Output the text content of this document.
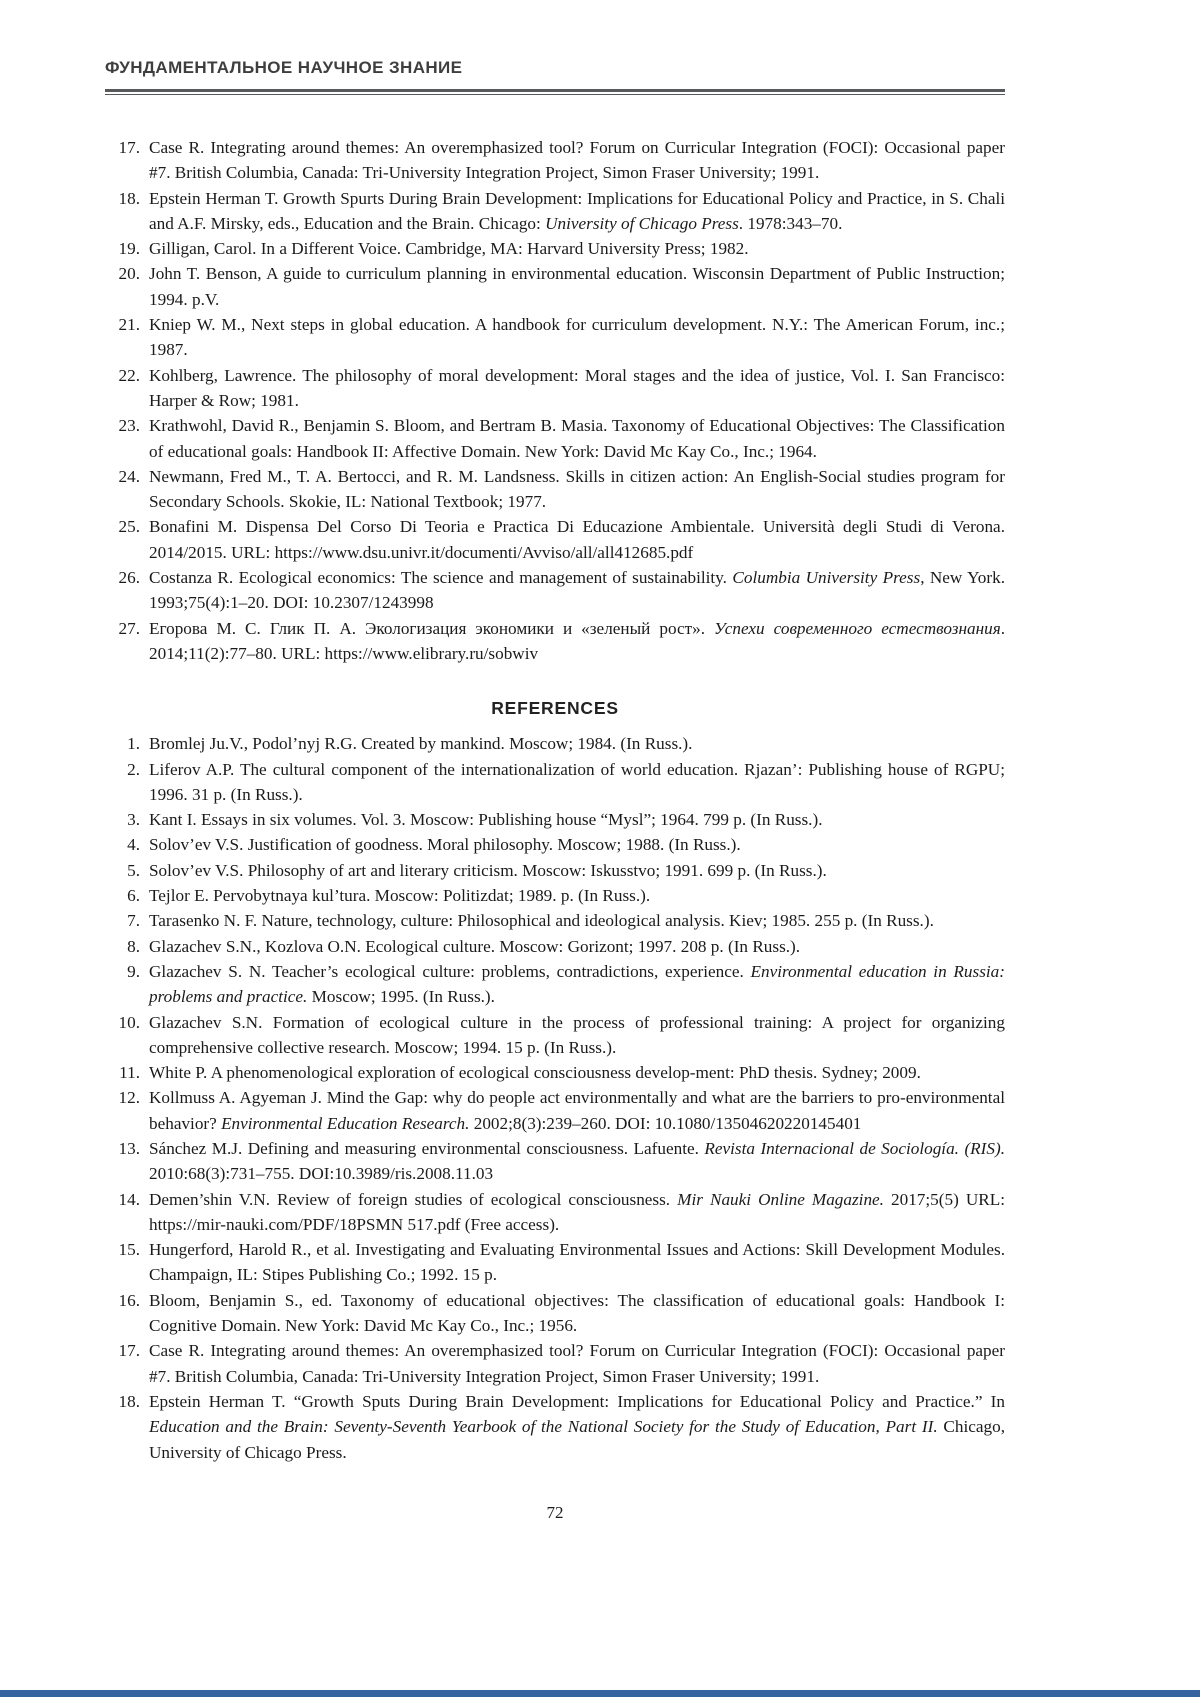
ФУНДАМЕНТАЛЬНОЕ НАУЧНОЕ ЗНАНИЕ
17. Case R. Integrating around themes: An overemphasized tool? Forum on Curricular Integration (FOCI): Occasional paper #7. British Columbia, Canada: Tri-University Integration Project, Simon Fraser University; 1991.
18. Epstein Herman T. Growth Spurts During Brain Development: Implications for Educational Policy and Practice, in S. Chali and A.F. Mirsky, eds., Education and the Brain. Chicago: University of Chicago Press. 1978:343–70.
19. Gilligan, Carol. In a Different Voice. Cambridge, MA: Harvard University Press; 1982.
20. John T. Benson, A guide to curriculum planning in environmental education. Wisconsin Department of Public Instruction; 1994. p.V.
21. Kniep W. M., Next steps in global education. A handbook for curriculum development. N.Y.: The American Forum, inc.; 1987.
22. Kohlberg, Lawrence. The philosophy of moral development: Moral stages and the idea of justice, Vol. I. San Francisco: Harper & Row; 1981.
23. Krathwohl, David R., Benjamin S. Bloom, and Bertram B. Masia. Taxonomy of Educational Objectives: The Classification of educational goals: Handbook II: Affective Domain. New York: David Mc Kay Co., Inc.; 1964.
24. Newmann, Fred M., T. A. Bertocci, and R. M. Landsness. Skills in citizen action: An English-Social studies program for Secondary Schools. Skokie, IL: National Textbook; 1977.
25. Bonafini M. Dispensa Del Corso Di Teoria e Practica Di Educazione Ambientale. Università degli Studi di Verona. 2014/2015. URL: https://www.dsu.univr.it/documenti/Avviso/all/all412685.pdf
26. Costanza R. Ecological economics: The science and management of sustainability. Columbia University Press, New York. 1993;75(4):1–20. DOI: 10.2307/1243998
27. Егорова М. С. Глик П. А. Экологизация экономики и «зеленый рост». Успехи современного естествознания. 2014;11(2):77–80. URL: https://www.elibrary.ru/sobwiv
REFERENCES
1. Bromlej Ju.V., Podol’nyj R.G. Created by mankind. Moscow; 1984. (In Russ.).
2. Liferov A.P. The cultural component of the internationalization of world education. Rjazan’: Publishing house of RGPU; 1996. 31 p. (In Russ.).
3. Kant I. Essays in six volumes. Vol. 3. Moscow: Publishing house “Mysl”; 1964. 799 p. (In Russ.).
4. Solov’ev V.S. Justification of goodness. Moral philosophy. Moscow; 1988. (In Russ.).
5. Solov’ev V.S. Philosophy of art and literary criticism. Moscow: Iskusstvo; 1991. 699 p. (In Russ.).
6. Tejlor E. Pervobytnaya kul’tura. Moscow: Politizdat; 1989. p. (In Russ.).
7. Tarasenko N. F. Nature, technology, culture: Philosophical and ideological analysis. Kiev; 1985. 255 p. (In Russ.).
8. Glazachev S.N., Kozlova O.N. Ecological culture. Moscow: Gorizont; 1997. 208 p. (In Russ.).
9. Glazachev S. N. Teacher’s ecological culture: problems, contradictions, experience. Environmental education in Russia: problems and practice. Moscow; 1995. (In Russ.).
10. Glazachev S.N. Formation of ecological culture in the process of professional training: A project for organizing comprehensive collective research. Moscow; 1994. 15 p. (In Russ.).
11. White P. A phenomenological exploration of ecological consciousness develop-ment: PhD thesis. Sydney; 2009.
12. Kollmuss A. Agyeman J. Mind the Gap: why do people act environmentally and what are the barriers to pro-environmental behavior? Environmental Education Research. 2002;8(3):239–260. DOI: 10.1080/13504620220145401
13. Sánchez M.J. Defining and measuring environmental consciousness. Lafuente. Revista Internacional de Sociología. (RIS). 2010:68(3):731–755. DOI:10.3989/ris.2008.11.03
14. Demen’shin V.N. Review of foreign studies of ecological consciousness. Mir Nauki Online Magazine. 2017;5(5) URL: https://mir-nauki.com/PDF/18PSMN 517.pdf (Free access).
15. Hungerford, Harold R., et al. Investigating and Evaluating Environmental Issues and Actions: Skill Development Modules. Champaign, IL: Stipes Publishing Co.; 1992. 15 p.
16. Bloom, Benjamin S., ed. Taxonomy of educational objectives: The classification of educational goals: Handbook I: Cognitive Domain. New York: David Mc Kay Co., Inc.; 1956.
17. Case R. Integrating around themes: An overemphasized tool? Forum on Curricular Integration (FOCI): Occasional paper #7. British Columbia, Canada: Tri-University Integration Project, Simon Fraser University; 1991.
18. Epstein Herman T. “Growth Sputs During Brain Development: Implications for Educational Policy and Practice.” In Education and the Brain: Seventy-Seventh Yearbook of the National Society for the Study of Education, Part II. Chicago, University of Chicago Press.
72
